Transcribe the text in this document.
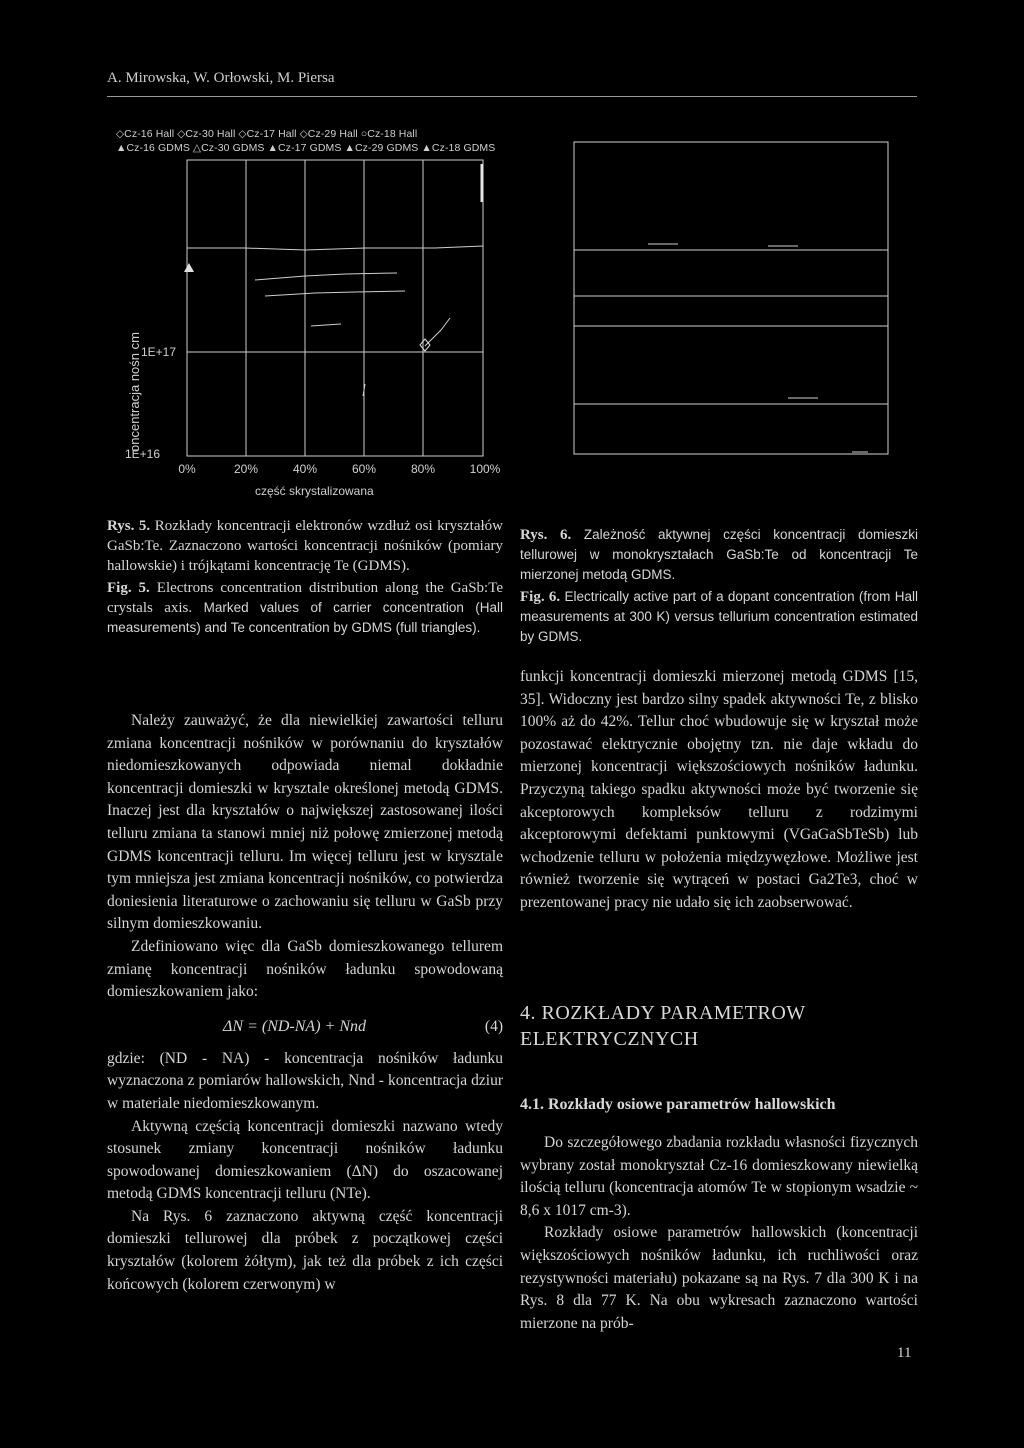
A. Mirowska, W. Orłowski, M. Piersa
◇Cz-16 Hall ◇Cz-30 Hall ◇Cz-17 Hall ◇Cz-29 Hall ○Cz-18 Hall
▲Cz-16 GDMS △Cz-30 GDMS ▲Cz-17 GDMS ▲Cz-29 GDMS ▲Cz-18 GDMS
oncentracja nośn cm 1E+17
1E+16
0%	20%	40%	60%	80%	100%
część skrystalizowana

Rys. 5. Rozkłady koncentracji elektronów wzdłuż osi kryształów GaSb:Te. Zaznaczono wartości koncentracji nośników (pomiary hallowskie) i trójkątami koncentrację Te (GDMS).

Fig. 5. Electrons concentration distribution along the GaSb:Te crystals axis. Marked values of carrier concentration (Hall measurements) and Te concentration by GDMS (full triangles).

Rys. 6. Zależność aktywnej części koncentracji domieszki tellurowej w monokryształach GaSb:Te od koncentracji Te mierzonej metodą GDMS.

Fig. 6. Electrically active part of a dopant concentration (from Hall measurements at 300 K) versus tellurium concentration estimated by GDMS.

Należy zauważyć, że dla niewielkiej zawartości telluru zmiana koncentracji nośników w porównaniu do kryształów niedomieszkowanych odpowiada niemal dokładnie koncentracji domieszki w krysztale określonej metodą GDMS. Inaczej jest dla kryształów o największej zastosowanej ilości telluru zmiana ta stanowi mniej niż połowę zmierzonej metodą GDMS koncentracji telluru. Im więcej telluru jest w krysztale tym mniejsza jest zmiana koncentracji nośników, co potwierdza doniesienia literaturowe o zachowaniu się telluru w GaSb przy silnym domieszkowaniu.

Zdefiniowano więc dla GaSb domieszkowanego tellurem zmianę koncentracji nośników ładunku spowodowaną domieszkowaniem jako:

ΔN = (ND-NA) + Nnd	(4)

gdzie: (ND - NA) - koncentracja nośników ładunku wyznaczona z pomiarów hallowskich, Nnd - koncentracja dziur w materiale niedomieszkowanym.

Aktywną częścią koncentracji domieszki nazwano wtedy stosunek zmiany koncentracji nośników ładunku spowodowanej domieszkowaniem (ΔN) do oszacowanej metodą GDMS koncentracji telluru (NTe).

Na Rys. 6 zaznaczono aktywną część koncentracji domieszki tellurowej dla próbek z początkowej części kryształów (kolorem żółtym), jak też dla próbek z ich części końcowych (kolorem czerwonym) w

funkcji koncentracji domieszki mierzonej metodą GDMS [15, 35]. Widoczny jest bardzo silny spadek aktywności Te, z blisko 100% aż do 42%. Tellur choć wbudowuje się w kryształ może pozostawać elektrycznie obojętny tzn. nie daje wkładu do mierzonej koncentracji większościowych nośników ładunku. Przyczyną takiego spadku aktywności może być tworzenie się akceptorowych kompleksów telluru z rodzimymi akceptorowymi defektami punktowymi (VGaGaSbTeSb) lub wchodzenie telluru w położenia międzywęzłowe. Możliwe jest również tworzenie się wytrąceń w postaci Ga2Te3, choć w prezentowanej pracy nie udało się ich zaobserwować.

4. ROZKŁADY PARAMETROW ELEKTRYCZNYCH
4.1. Rozkłady osiowe parametrów hallowskich

Do szczegółowego zbadania rozkładu własności fizycznych wybrany został monokryształ Cz-16 domieszkowany niewielką ilością telluru (koncentracja atomów Te w stopionym wsadzie ~ 8,6 x 1017 cm-3).

Rozkłady osiowe parametrów hallowskich (koncentracji większościowych nośników ładunku, ich ruchliwości oraz rezystywności materiału) pokazane są na Rys. 7 dla 300 K i na Rys. 8 dla 77 K. Na obu wykresach zaznaczono wartości mierzone na prób-

11
